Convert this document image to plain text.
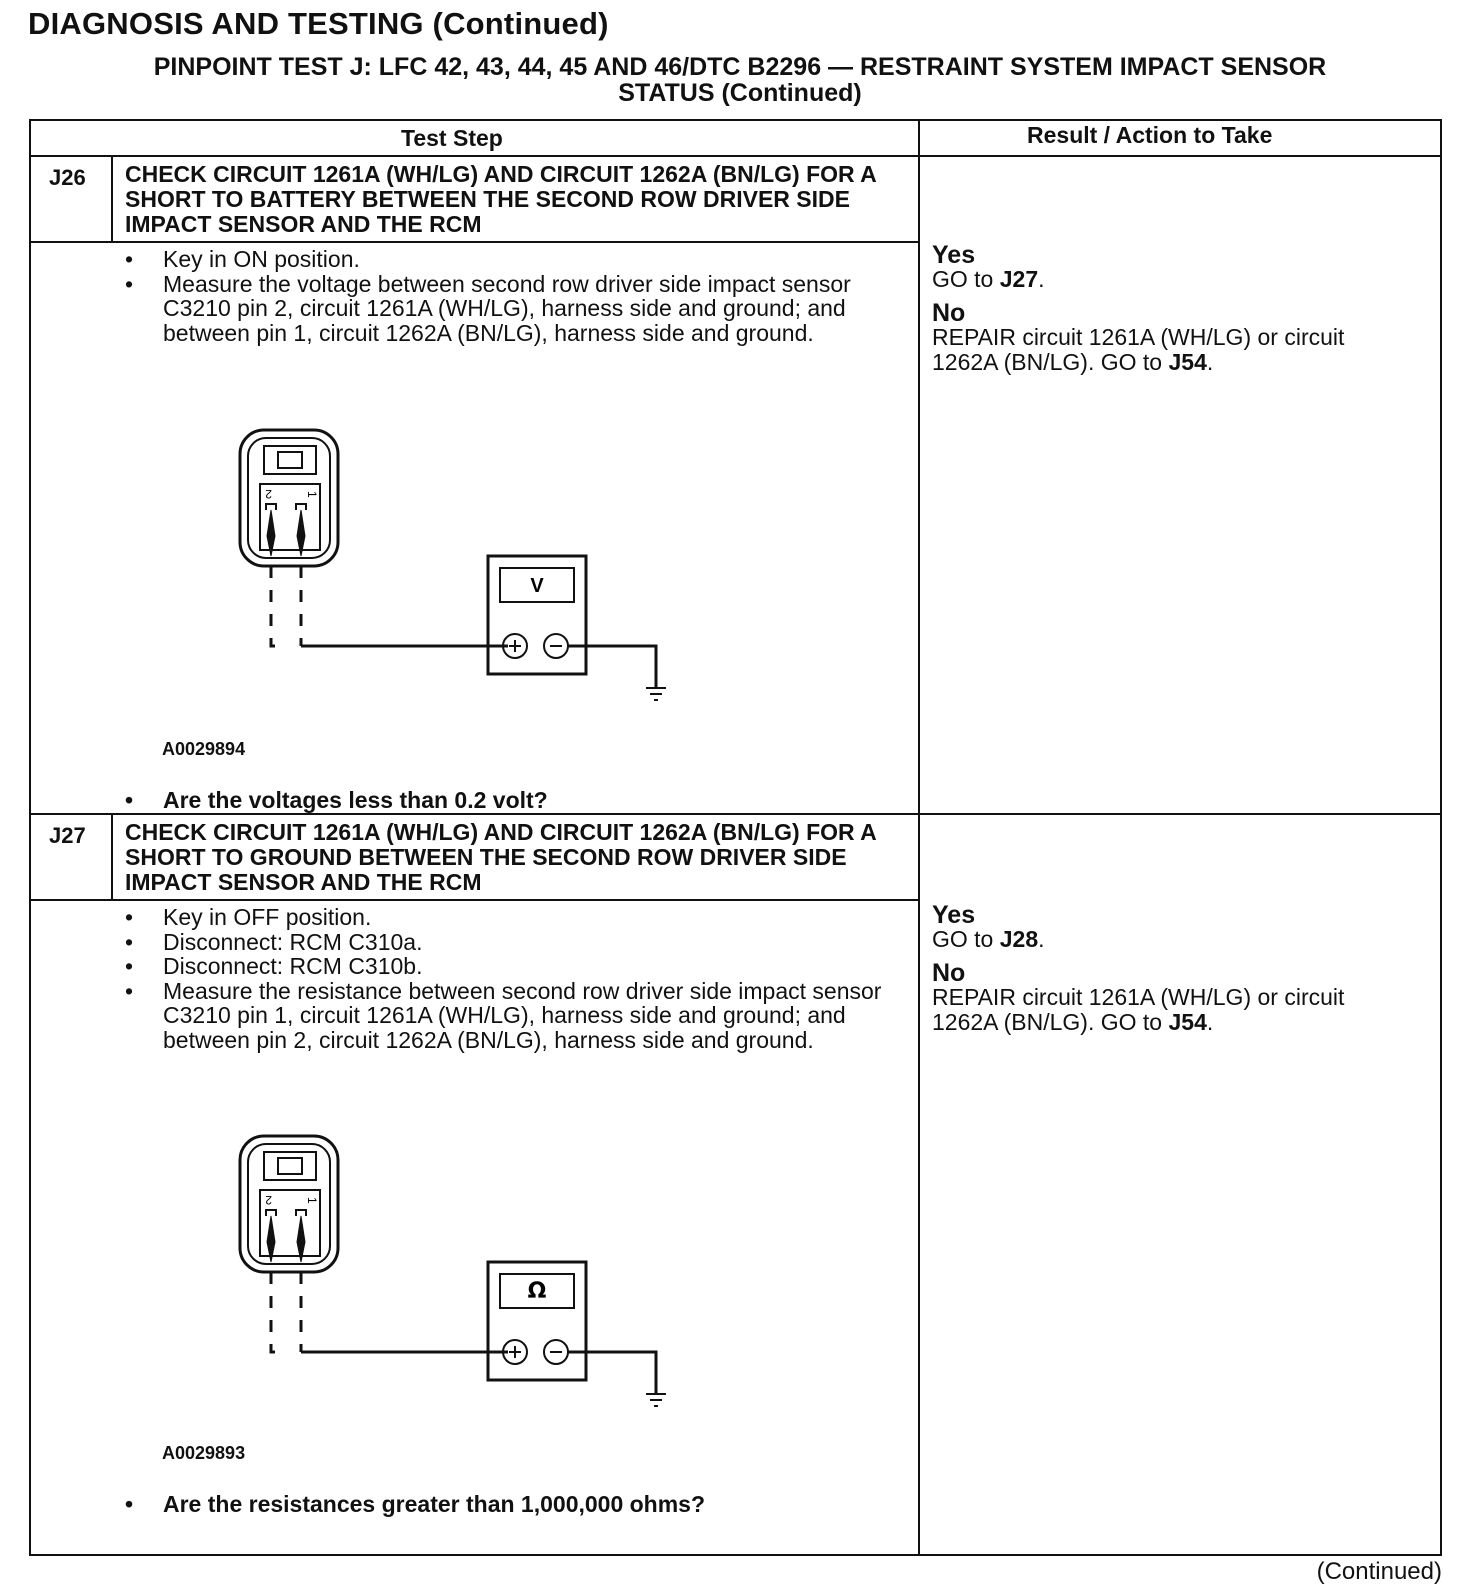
DIAGNOSIS AND TESTING (Continued)
PINPOINT TEST J: LFC 42, 43, 44, 45 AND 46/DTC B2296 — RESTRAINT SYSTEM IMPACT SENSOR
STATUS (Continued)
Test Step	Result / Action to Take
J26 CHECK CIRCUIT 1261A (WH/LG) AND CIRCUIT 1262A (BN/LG) FOR A SHORT TO BATTERY BETWEEN THE SECOND ROW DRIVER SIDE IMPACT SENSOR AND THE RCM
• Key in ON position.
• Measure the voltage between second row driver side impact sensor C3210 pin 2, circuit 1261A (WH/LG), harness side and ground; and between pin 1, circuit 1262A (BN/LG), harness side and ground.
2	1
V
A0029894
• Are the voltages less than 0.2 volt?
Yes
GO to J27.
No
REPAIR circuit 1261A (WH/LG) or circuit 1262A (BN/LG). GO to J54.
J27 CHECK CIRCUIT 1261A (WH/LG) AND CIRCUIT 1262A (BN/LG) FOR A SHORT TO GROUND BETWEEN THE SECOND ROW DRIVER SIDE IMPACT SENSOR AND THE RCM
• Key in OFF position.
• Disconnect: RCM C310a.
• Disconnect: RCM C310b.
• Measure the resistance between second row driver side impact sensor C3210 pin 1, circuit 1261A (WH/LG), harness side and ground; and between pin 2, circuit 1262A (BN/LG), harness side and ground.
2	1
Ω
A0029893
• Are the resistances greater than 1,000,000 ohms?
Yes
GO to J28.
No
REPAIR circuit 1261A (WH/LG) or circuit 1262A (BN/LG). GO to J54.
(Continued)
